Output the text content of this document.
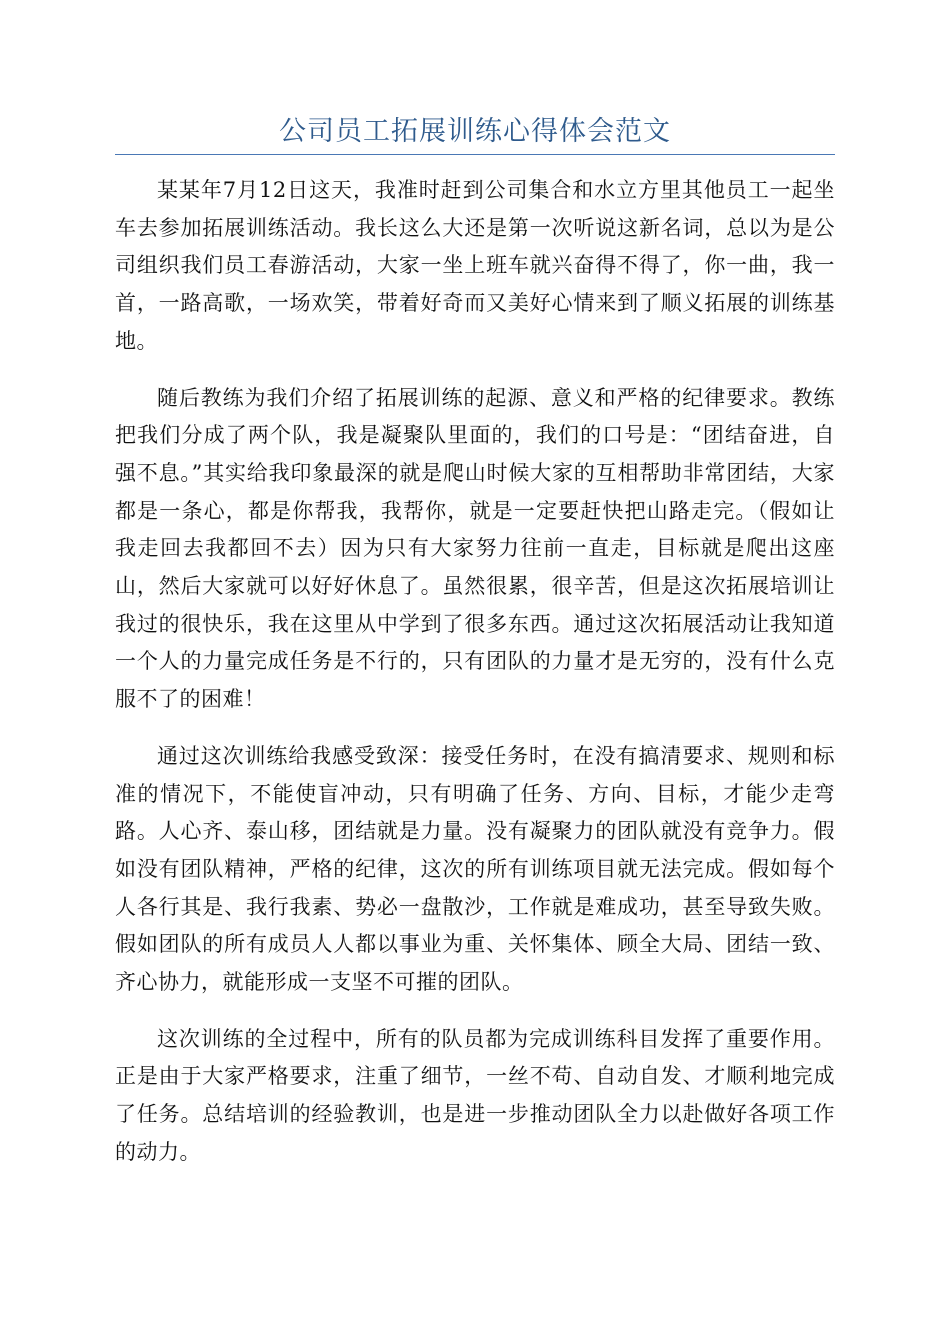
公司员工拓展训练心得体会范文

某某年7月12日这天，我准时赶到公司集合和水立方里其他员工一起坐车去参加拓展训练活动。我长这么大还是第一次听说这新名词，总以为是公司组织我们员工春游活动，大家一坐上班车就兴奋得不得了，你一曲，我一首，一路高歌，一场欢笑，带着好奇而又美好心情来到了顺义拓展的训练基地。

随后教练为我们介绍了拓展训练的起源、意义和严格的纪律要求。教练把我们分成了两个队，我是凝聚队里面的，我们的口号是：“团结奋进，自强不息。”其实给我印象最深的就是爬山时候大家的互相帮助非常团结，大家都是一条心，都是你帮我，我帮你，就是一定要赶快把山路走完。（假如让我走回去我都回不去）因为只有大家努力往前一直走，目标就是爬出这座山，然后大家就可以好好休息了。虽然很累，很辛苦，但是这次拓展培训让我过的很快乐，我在这里从中学到了很多东西。通过这次拓展活动让我知道一个人的力量完成任务是不行的，只有团队的力量才是无穷的，没有什么克服不了的困难！

通过这次训练给我感受致深：接受任务时，在没有搞清要求、规则和标准的情况下，不能使盲冲动，只有明确了任务、方向、目标，才能少走弯路。人心齐、泰山移，团结就是力量。没有凝聚力的团队就没有竞争力。假如没有团队精神，严格的纪律，这次的所有训练项目就无法完成。假如每个人各行其是、我行我素、势必一盘散沙，工作就是难成功，甚至导致失败。假如团队的所有成员人人都以事业为重、关怀集体、顾全大局、团结一致、齐心协力，就能形成一支坚不可摧的团队。

这次训练的全过程中，所有的队员都为完成训练科目发挥了重要作用。正是由于大家严格要求，注重了细节，一丝不苟、自动自发、才顺利地完成了任务。总结培训的经验教训，也是进一步推动团队全力以赴做好各项工作的动力。
